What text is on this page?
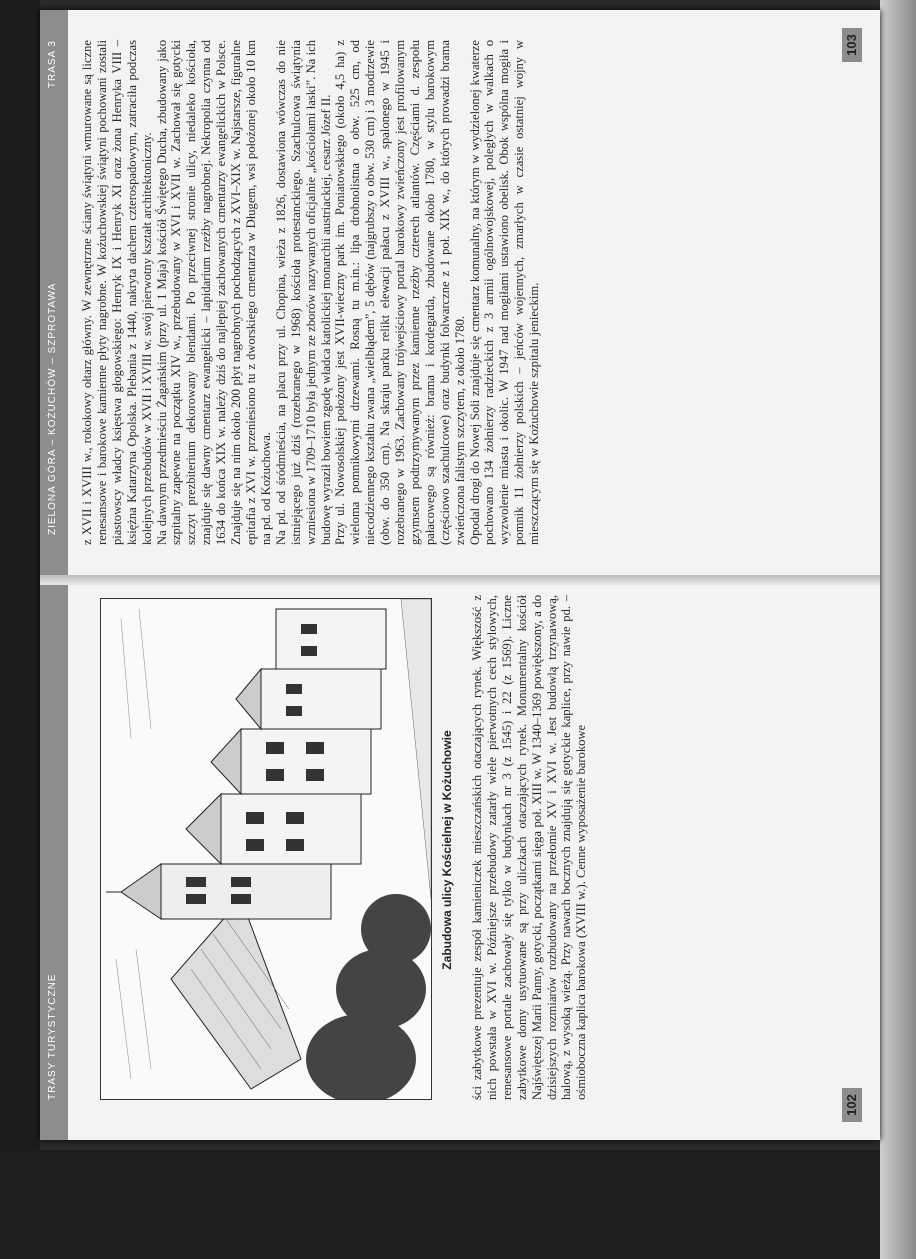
TRASY TURYSTYCZNE
Zabudowa ulicy Kościelnej w Kożuchowie ści zabytkowe prezentuje zespół kamieniczek mieszczańskich otaczających rynek. Większość z nich powstała w XVI w. Późniejsze przebudowy zatarły wiele pierwotnych cech stylowych, renesansowe portale zachowały się tylko w budynkach nr 3 (z 1545) i 22 (z 1569). Liczne zabytkowe domy usytuowane są przy uliczkach otaczających rynek. Monumentalny kościół Najświętszej Marii Panny, gotycki, początkami sięga poł. XIII w. W 1340–1369 powiększony, a do dzisiejszych rozmiarów rozbudowany na przełomie XV i XVI w. Jest budowlą trzynawową, halową, z wysoką wieżą. Przy nawach bocznych znajdują się gotyckie kaplice, przy nawie pd. – ośmioboczna kaplica barokowa (XVIII w.). Cenne wyposażenie barokowe

102
ZIELONA GÓRA – KOŻUCHÓW – SZPROTAWA
TRASA 3 z XVII i XVIII w., rokokowy ołtarz główny. W zewnętrzne ściany świątyni wmurowane są liczne renesansowe i barokowe kamienne płyty nagrobne. W kożuchowskiej świątyni pochowani zostali piastowscy władcy księstwa głogowskiego: Henryk IX i Henryk XI oraz żona Henryka VIII – księżna Katarzyna Opolska. Plebania z 1440, nakryta dachem czterospadowym, zatraciła podczas kolejnych przebudów w XVII i XVIII w. swój pierwotny kształt architektoniczny. Na dawnym przedmieściu Żagańskim (przy ul. 1 Maja) kościół Świętego Ducha, zbudowany jako szpitalny zapewne na początku XIV w., przebudowany w XVI i XVII w. Zachował się gotycki szczyt prezbiterium dekorowany blendami. Po przeciwnej stronie ulicy, niedaleko kościoła, znajduje się dawny cmentarz ewangelicki – lapidarium rzeźby nagrobnej. Nekropolia czynna od 1634 do końca XIX w. należy dziś do najlepiej zachowanych cmentarzy ewangelickich w Polsce. Znajduje się na nim około 200 płyt nagrobnych pochodzących z XVI–XIX w. Najstarsze, figuralne epitafia z XVI w. przeniesiono tu z dworskiego cmentarza w Długem, wsi położonej około 10 km na pd. od Kożuchowa. Na pd. od śródmieścia, na placu przy ul. Chopina, wieża z 1826, dostawiona wówczas do nie istniejącego już dziś (rozebranego w 1968) kościoła protestanckiego. Szachulcowa świątynia wzniesiona w 1709–1710 była jednym ze zborów nazywanych oficjalnie „kościołami łaski”. Na ich budowę wyraził bowiem zgodę władca katolickiej monarchii austriackiej, cesarz Józef II. Przy ul. Nowosolskiej położony jest XVII-wieczny park im. Poniatowskiego (około 4,5 ha) z wieloma pomnikowymi drzewami. Rosną tu m.in.: lipa drobnolistna o obw. 525 cm, od niecodziennego kształtu zwana „wielbłądem”, 5 dębów (najgrubszy o obw. 530 cm) i 3 modrzewie (obw. do 350 cm). Na skraju parku relikt elewacji pałacu z XVIII w., spalonego w 1945 i rozebranego w 1963. Zachowany trójwejściowy portal barokowy zwieńczony jest profilowanym gzymsem podtrzymywanym przez kamienne rzeźby czterech atlantów. Częściami d. zespołu pałacowego są również: brama i kordegarda, zbudowane około 1780, w stylu barokowym (częściowo szachulcowe) oraz budynki folwarczne z 1 poł. XIX w., do których prowadzi brama zwieńczona falistym szczytem, z około 1780. Opodal drogi do Nowej Soli znajduje się cmentarz komunalny, na którym w wydzielonej kwaterze pochowano 134 żołnierzy radzieckich z 3 armii ogólnowojskowej, poległych w walkach o wyzwolenie miasta i okolic. W 1947 nad mogiłami ustawiono obelisk. Obok wspólna mogiła i pomnik 11 żołnierzy polskich – jeńców wojennych, zmarłych w czasie ostatniej wojny w mieszczącym się w Kożuchowie szpitalu jenieckim.

103
